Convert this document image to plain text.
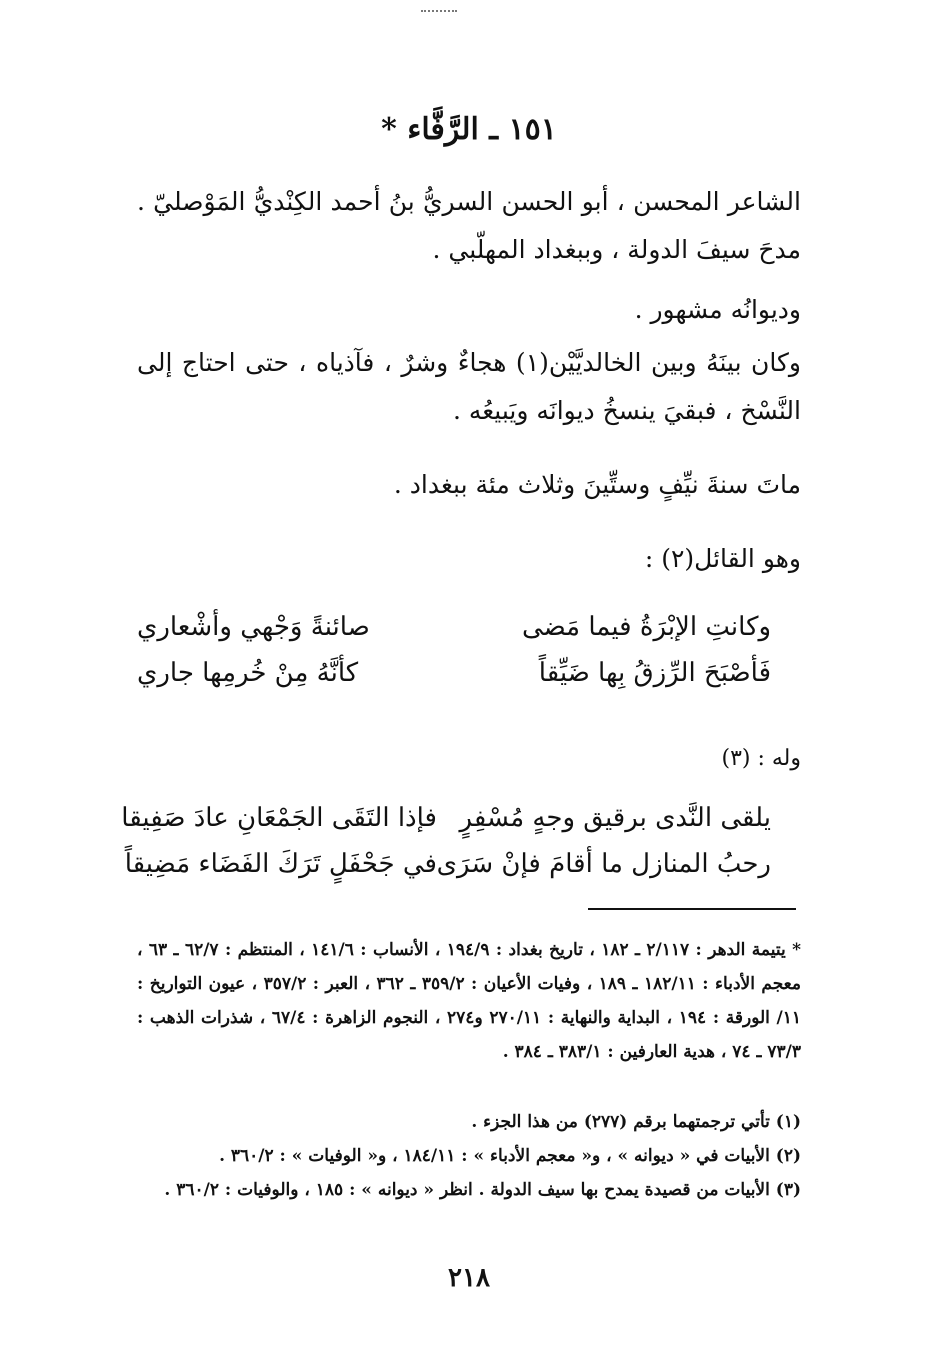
١٥١ ـ الرَّفَّاء *

الشاعر المحسن ، أبو الحسن السريُّ بنُ أحمد الكِنْديُّ المَوْصليّ . مدحَ سيفَ الدولة ، وببغداد المهلّبي .

وديوانُه مشهور .

وكان بينَهُ وبين الخالديَّيْن(١) هجاءٌ وشرٌ ، فآذياه ، حتى احتاج إلى النَّسْخ ، فبقيَ ينسخُ ديوانَه ويَبيعُه .

ماتَ سنةَ نيِّفٍ وستِّينَ وثلاث مئة ببغداد .

وهو القائل(٢) :

وكانتِ الإبْرَةُ فيما مَضى
صائنةً وَجْهي وأشْعاري
فَأصْبَحَ الرِّزقُ بِها ضَيِّقاً
كأنَّهُ مِنْ خُرمِها جاري

وله : (٣)

يلقى النَّدى برقيق وجهٍ مُسْفِرٍ
فإذا التَقَى الجَمْعَانِ عادَ صَفِيقا
رحبُ المنازل ما أقامَ فإنْ سَرَى
في جَحْفَلٍ تَرَكَ الفَضَاء مَضِيقاً

* يتيمة الدهر : ٢/١١٧ ـ ١٨٢ ، تاريخ بغداد : ١٩٤/٩ ، الأنساب : ١٤١/٦ ، المنتظم : ٦٢/٧ ـ ٦٣ ، معجم الأدباء : ١٨٢/١١ ـ ١٨٩ ، وفيات الأعيان : ٣٥٩/٢ ـ ٣٦٢ ، العبر : ٣٥٧/٢ ، عيون التواريخ : ١١/ الورقة : ١٩٤ ، البداية والنهاية : ٢٧٠/١١ و٢٧٤ ، النجوم الزاهرة : ٦٧/٤ ، شذرات الذهب : ٧٣/٣ ـ ٧٤ ، هدية العارفين : ٣٨٣/١ ـ ٣٨٤ .

(١) تأتي ترجمتهما برقم (٢٧٧) من هذا الجزء .

(٢) الأبيات في « ديوانه » ، و« معجم الأدباء » : ١٨٤/١١ ، و« الوفيات » : ٣٦٠/٢ .

(٣) الأبيات من قصيدة يمدح بها سيف الدولة . انظر « ديوانه » : ١٨٥ ، والوفيات : ٣٦٠/٢ .

٢١٨
